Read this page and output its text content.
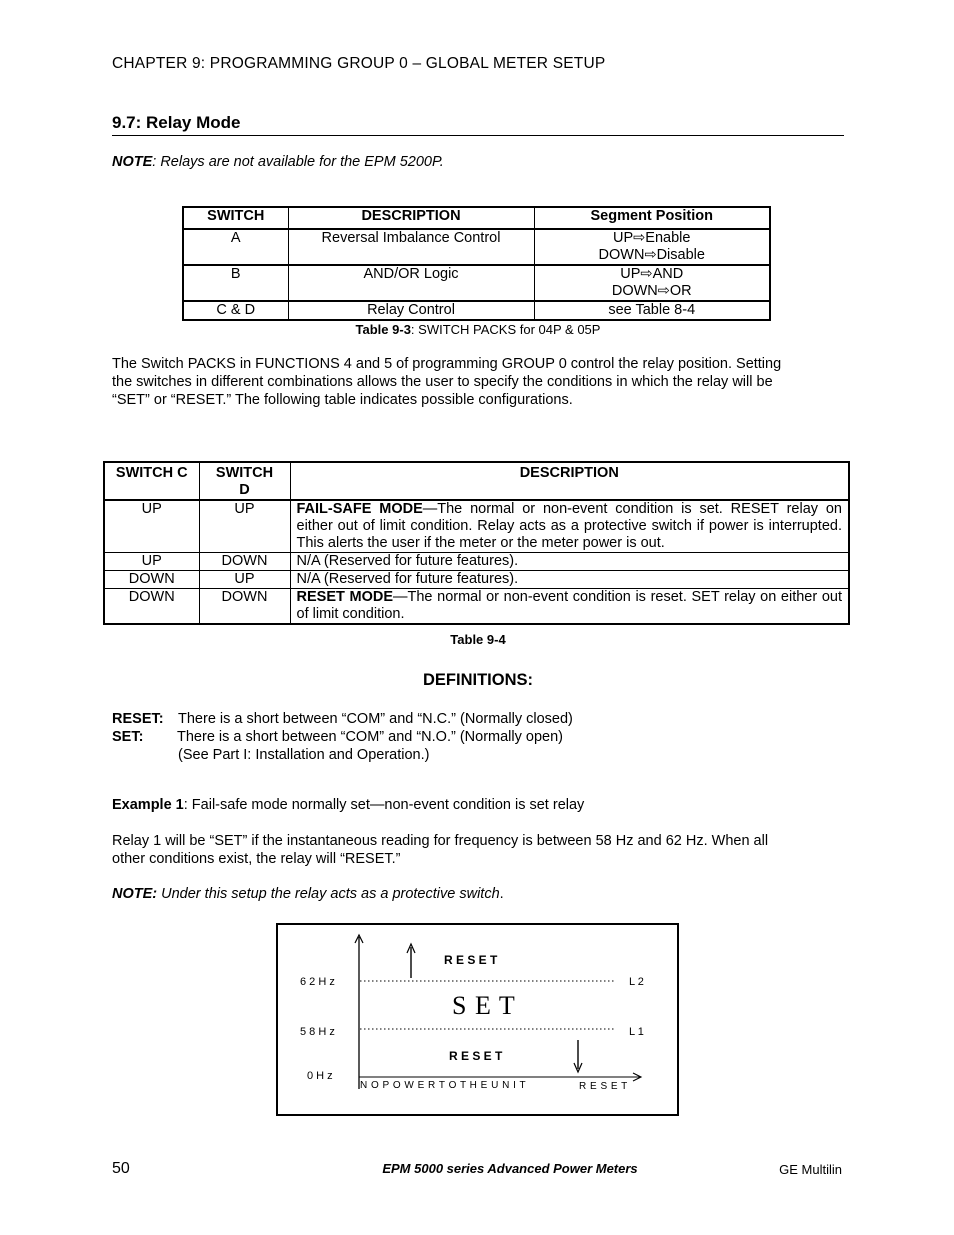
CHAPTER 9: PROGRAMMING GROUP 0 – GLOBAL METER SETUP
9.7: Relay Mode
NOTE: Relays are not available for the EPM 5200P.
SWITCH	DESCRIPTION	Segment Position
A	Reversal Imbalance Control	UP⇨Enable
DOWN⇨Disable

B	AND/OR Logic	UP⇨AND
DOWN⇨OR

C & D	Relay Control	see Table 8-4
Table 9-3: SWITCH PACKS for 04P & 05P
The Switch PACKS in FUNCTIONS 4 and 5 of programming GROUP 0 control the relay position. Setting
the switches in different combinations allows the user to specify the conditions in which the relay will be
“SET” or “RESET.” The following table indicates possible configurations.
SWITCH C	SWITCH D	DESCRIPTION
UP	UP	FAIL-SAFE MODE—The normal or non-event condition is set. RESET relay on either out of limit condition. Relay acts as a protective switch if power is interrupted. This alerts the user if the meter or the meter power is out.
UP	DOWN	N/A (Reserved for future features).
DOWN	UP	N/A (Reserved for future features).
DOWN	DOWN	RESET MODE—The normal or non-event condition is reset. SET relay on either out of limit condition.
Table 9-4
DEFINITIONS:
RESET: There is a short between “COM” and “N.C.” (Normally closed)
SET: There is a short between “COM” and “N.O.” (Normally open)
(See Part I: Installation and Operation.)
Example 1: Fail-safe mode normally set—non-event condition is set relay
Relay 1 will be “SET” if the instantaneous reading for frequency is between 58 Hz and 62 Hz. When all
other conditions exist, the relay will “RESET.”
NOTE: Under this setup the relay acts as a protective switch.
6 2 H z
5 8 H z
0 H z
L 2
L 1
R E S E T
S E T
R E S E T
N O P O W E R T O T H E U N I T	R E S E T
50	EPM 5000 series Advanced Power Meters	GE Multilin
